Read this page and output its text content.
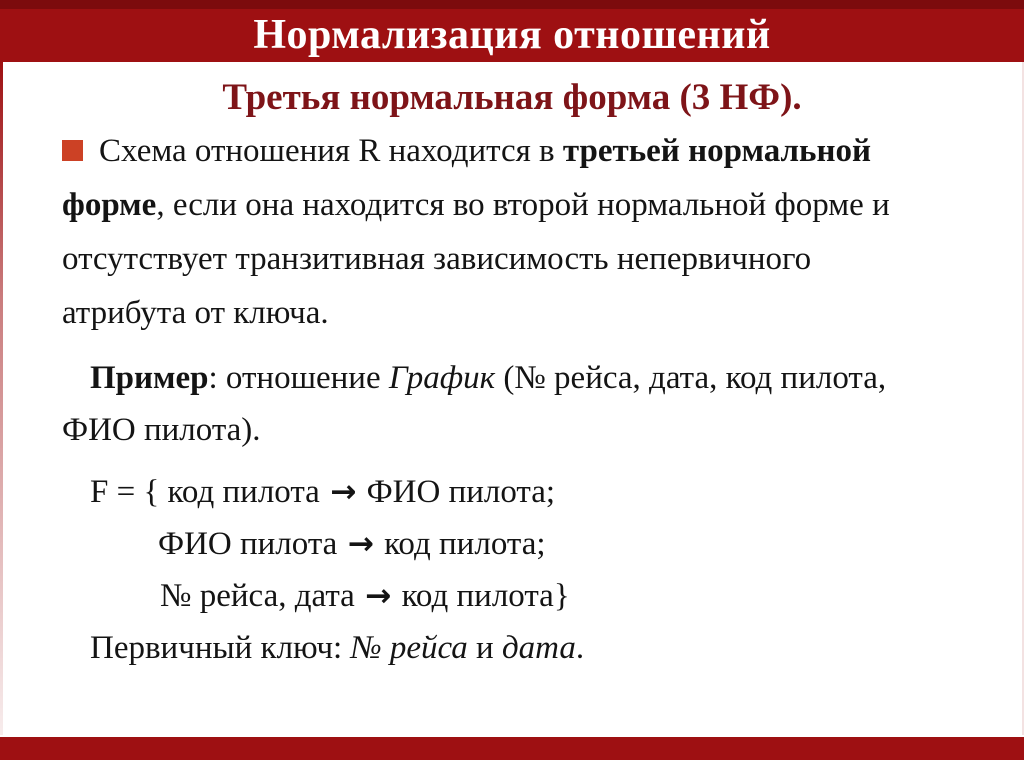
Нормализация отношений
Третья нормальная форма (3 НФ).
Схема отношения R находится в третьей нормальной
форме, если она находится во второй нормальной форме и
отсутствует транзитивная зависимость непервичного
атрибута от ключа.
Пример: отношение График (№ рейса, дата, код пилота,
ФИО пилота).
F = { код пилота → ФИО пилота;
ФИО пилота → код пилота;
№ рейса, дата → код пилота}
Первичный ключ: № рейса и дата.
